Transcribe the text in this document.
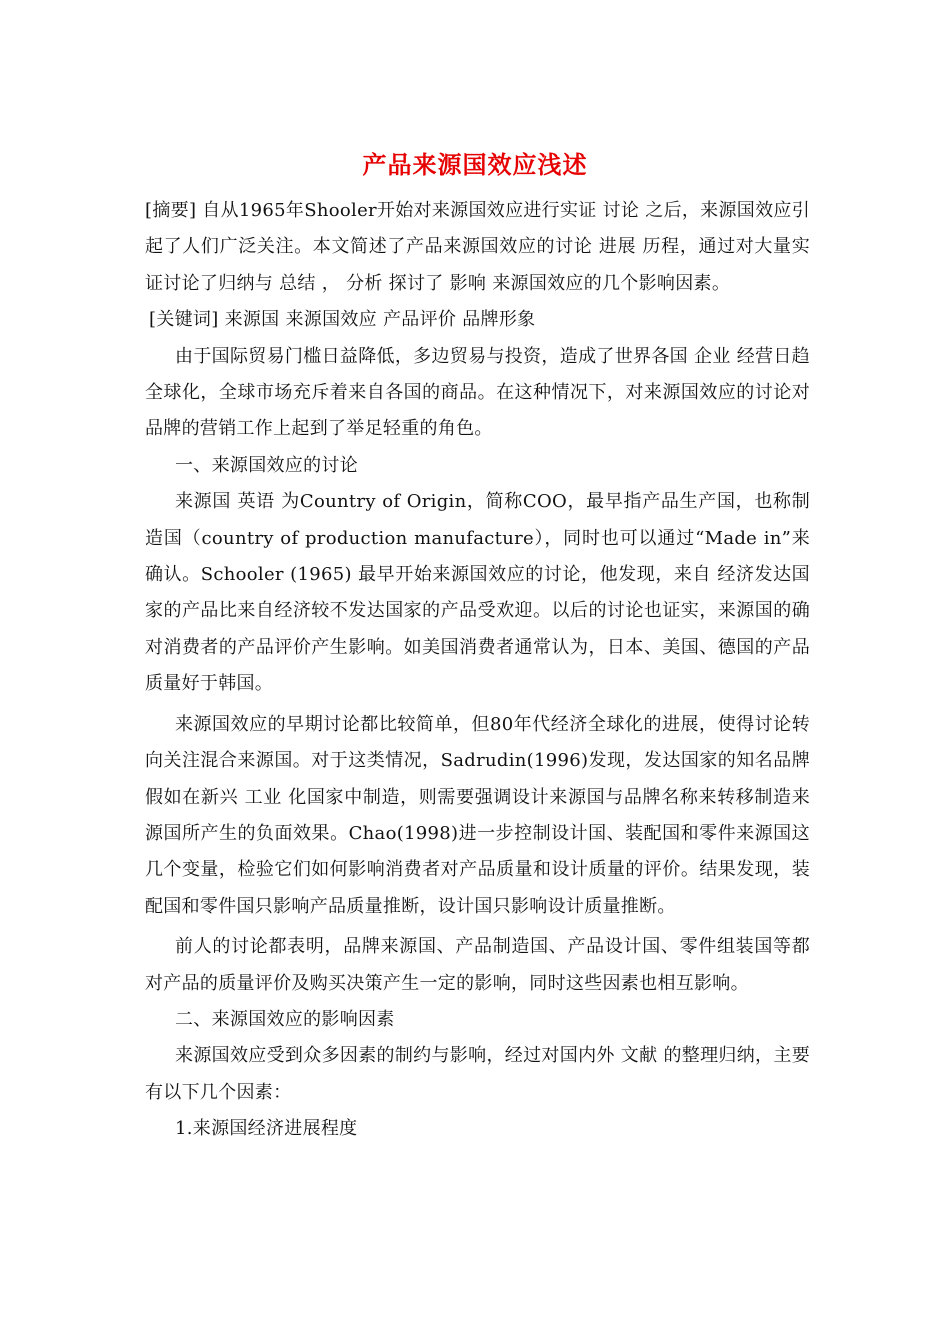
产品来源国效应浅述

[摘要] 自从1965年Shooler开始对来源国效应进行实证 讨论 之后，来源国效应引起了人们广泛关注。本文简述了产品来源国效应的讨论 进展 历程，通过对大量实证讨论了归纳与 总结 ， 分析 探讨了 影响 来源国效应的几个影响因素。

[关键词] 来源国 来源国效应 产品评价 品牌形象

由于国际贸易门槛日益降低，多边贸易与投资，造成了世界各国 企业 经营日趋全球化，全球市场充斥着来自各国的商品。在这种情况下，对来源国效应的讨论对品牌的营销工作上起到了举足轻重的角色。

一、来源国效应的讨论

来源国 英语 为Country of Origin，简称COO，最早指产品生产国，也称制造国（country of production manufacture），同时也可以通过“Made in”来确认。Schooler (1965) 最早开始来源国效应的讨论，他发现，来自 经济发达国家的产品比来自经济较不发达国家的产品受欢迎。以后的讨论也证实，来源国的确对消费者的产品评价产生影响。如美国消费者通常认为，日本、美国、德国的产品质量好于韩国。

来源国效应的早期讨论都比较简单，但80年代经济全球化的进展，使得讨论转向关注混合来源国。对于这类情况，Sadrudin(1996)发现，发达国家的知名品牌假如在新兴 工业 化国家中制造，则需要强调设计来源国与品牌名称来转移制造来源国所产生的负面效果。Chao(1998)进一步控制设计国、装配国和零件来源国这几个变量，检验它们如何影响消费者对产品质量和设计质量的评价。结果发现，装配国和零件国只影响产品质量推断，设计国只影响设计质量推断。

前人的讨论都表明，品牌来源国、产品制造国、产品设计国、零件组装国等都对产品的质量评价及购买决策产生一定的影响，同时这些因素也相互影响。

二、来源国效应的影响因素

来源国效应受到众多因素的制约与影响，经过对国内外 文献 的整理归纳，主要有以下几个因素：

1.来源国经济进展程度
